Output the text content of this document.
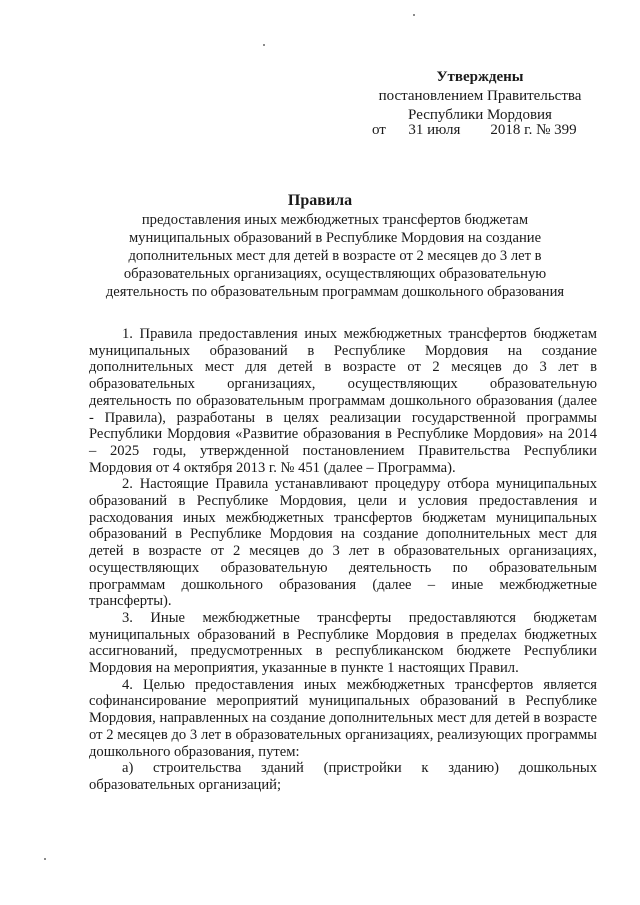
Утверждены
постановлением Правительства
Республики Мордовия
от      31 июля        2018 г. № 399
Правила
предоставления иных межбюджетных трансфертов бюджетам муниципальных образований в Республике Мордовия на создание дополнительных мест для детей в возрасте от 2 месяцев до 3 лет в образовательных организациях, осуществляющих образовательную деятельность по образовательным программам дошкольного образования

1. Правила предоставления иных межбюджетных трансфертов бюджетам муниципальных образований в Республике Мордовия на создание дополнительных мест для детей в возрасте от 2 месяцев до 3 лет в образовательных организациях, осуществляющих образовательную деятельность по образовательным программам дошкольного образования (далее - Правила), разработаны в целях реализации государственной программы Республики Мордовия «Развитие образования в Республике Мордовия» на 2014 – 2025 годы, утвержденной постановлением Правительства Республики Мордовия от 4 октября 2013 г. № 451 (далее – Программа).

2. Настоящие Правила устанавливают процедуру отбора муниципальных образований в Республике Мордовия, цели и условия предоставления и расходования иных межбюджетных трансфертов бюджетам муниципальных образований в Республике Мордовия на создание дополнительных мест для детей в возрасте от 2 месяцев до 3 лет в образовательных организациях, осуществляющих образовательную деятельность по образовательным программам дошкольного образования (далее – иные межбюджетные трансферты).

3. Иные межбюджетные трансферты предоставляются бюджетам муниципальных образований в Республике Мордовия в пределах бюджетных ассигнований, предусмотренных в республиканском бюджете Республики Мордовия на мероприятия, указанные в пункте 1 настоящих Правил.

4. Целью предоставления иных межбюджетных трансфертов является софинансирование мероприятий муниципальных образований в Республике Мордовия, направленных на создание дополнительных мест для детей в возрасте от 2 месяцев до 3 лет в образовательных организациях, реализующих программы дошкольного образования, путем:

а) строительства зданий (пристройки к зданию) дошкольных образовательных организаций;
